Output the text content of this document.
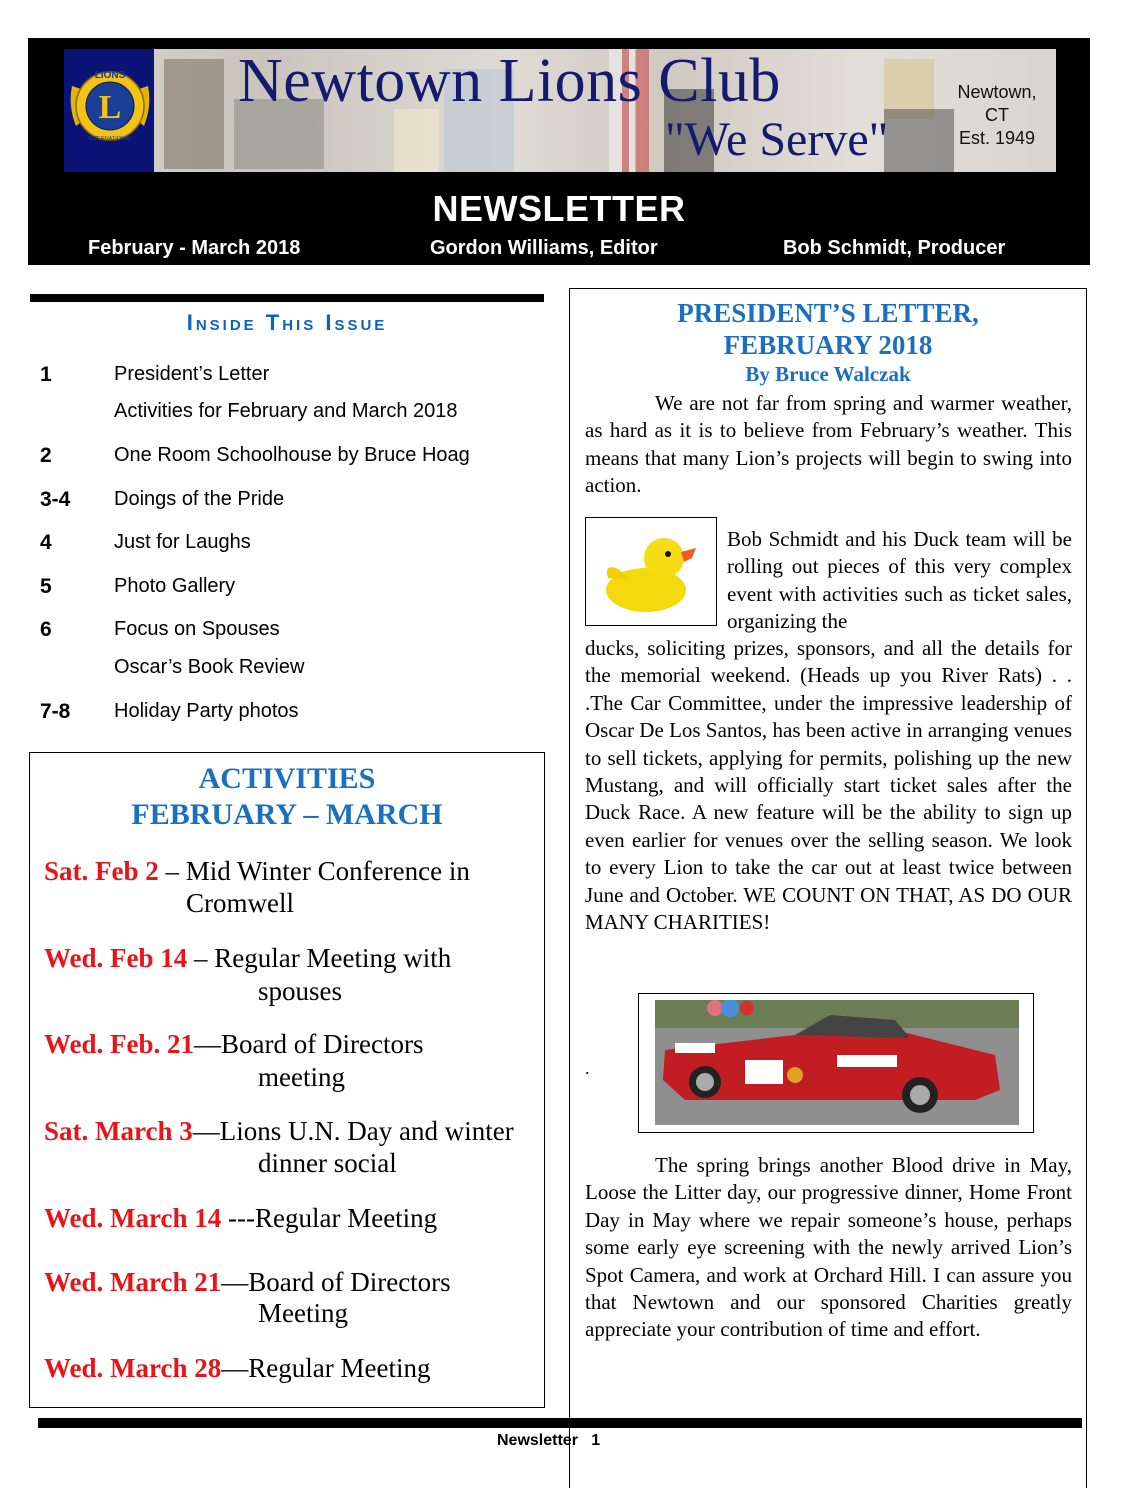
L
LIONS
INTERNATIONAL
Newtown Lions Club
"We Serve"
Newtown,
CT
Est. 1949
NEWSLETTER
February - March 2018	Gordon Williams, Editor	Bob Schmidt, Producer
Inside This Issue
1	President’s Letter
Activities for February and March 2018
2	One Room Schoolhouse by Bruce Hoag
3-4 Doings of the Pride
4	Just for Laughs
5	Photo Gallery
6	Focus on Spouses
Oscar’s Book Review
7-8 Holiday Party photos
ACTIVITIES
FEBRUARY – MARCH
Sat. Feb 2 – Mid Winter Conference in
Cromwell
Wed. Feb 14 – Regular Meeting with
spouses
Wed. Feb. 21—Board of Directors
meeting
Sat. March 3—Lions U.N. Day and winter
dinner social
Wed. March 14 ---Regular Meeting
Wed. March 21—Board of Directors
Meeting
Wed. March 28—Regular Meeting
PRESIDENT’S LETTER,
FEBRUARY 2018
By Bruce Walczak
We are not far from spring and warmer weather, as hard as it is to believe from February’s weather. This means that many Lion’s projects will begin to swing into action.
Bob Schmidt and his Duck team will be rolling out pieces of this very complex event with activities such as ticket sales, organizing the
ducks, soliciting prizes, sponsors, and all the details for the memorial weekend. (Heads up you River Rats) . . .The Car Committee, under the impressive leadership of Oscar De Los Santos, has been active in arranging venues to sell tickets, applying for permits, polishing up the new Mustang, and will officially start ticket sales after the Duck Race. A new feature will be the ability to sign up even earlier for venues over the selling season. We look to every Lion to take the car out at least twice between June and October. WE COUNT ON THAT, AS DO OUR MANY CHARITIES!
.
The spring brings another Blood drive in May, Loose the Litter day, our progressive dinner, Home Front Day in May where we repair someone’s house, perhaps some early eye screening with the newly arrived Lion’s Spot Camera, and work at Orchard Hill. I can assure you that Newtown and our sponsored Charities greatly appreciate your contribution of time and effort.
Newsletter 1
